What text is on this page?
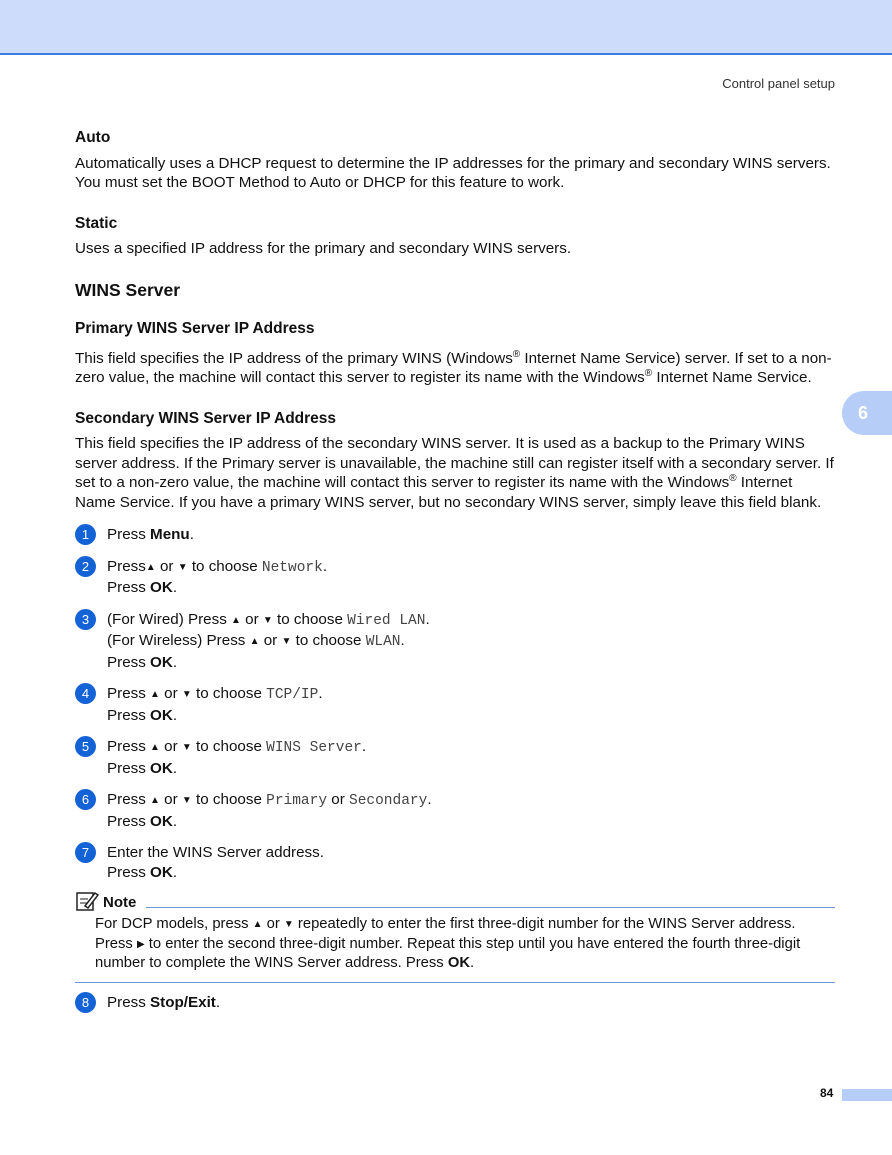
Control panel setup
6
Auto

Automatically uses a DHCP request to determine the IP addresses for the primary and secondary WINS servers. You must set the BOOT Method to Auto or DHCP for this feature to work.

Static

Uses a specified IP address for the primary and secondary WINS servers.

WINS Server
Primary WINS Server IP Address

This field specifies the IP address of the primary WINS (Windows® Internet Name Service) server. If set to a non-zero value, the machine will contact this server to register its name with the Windows® Internet Name Service.

Secondary WINS Server IP Address

This field specifies the IP address of the secondary WINS server. It is used as a backup to the Primary WINS server address. If the Primary server is unavailable, the machine still can register itself with a secondary server. If set to a non-zero value, the machine will contact this server to register its name with the Windows® Internet Name Service. If you have a primary WINS server, but no secondary WINS server, simply leave this field blank.

1	Press Menu.
2	Press▲ or ▼ to choose Network.
Press OK.
3	(For Wired) Press ▲ or ▼ to choose Wired LAN.
(For Wireless) Press ▲ or ▼ to choose WLAN.
Press OK.
4	Press ▲ or ▼ to choose TCP/IP.
Press OK.
5	Press ▲ or ▼ to choose WINS Server.
Press OK.
6	Press ▲ or ▼ to choose Primary or Secondary.
Press OK.
7	Enter the WINS Server address.
Press OK.
Note

For DCP models, press ▲ or ▼ repeatedly to enter the first three-digit number for the WINS Server address. Press ▶ to enter the second three-digit number. Repeat this step until you have entered the fourth three-digit number to complete the WINS Server address. Press OK.

8	Press Stop/Exit.
84
